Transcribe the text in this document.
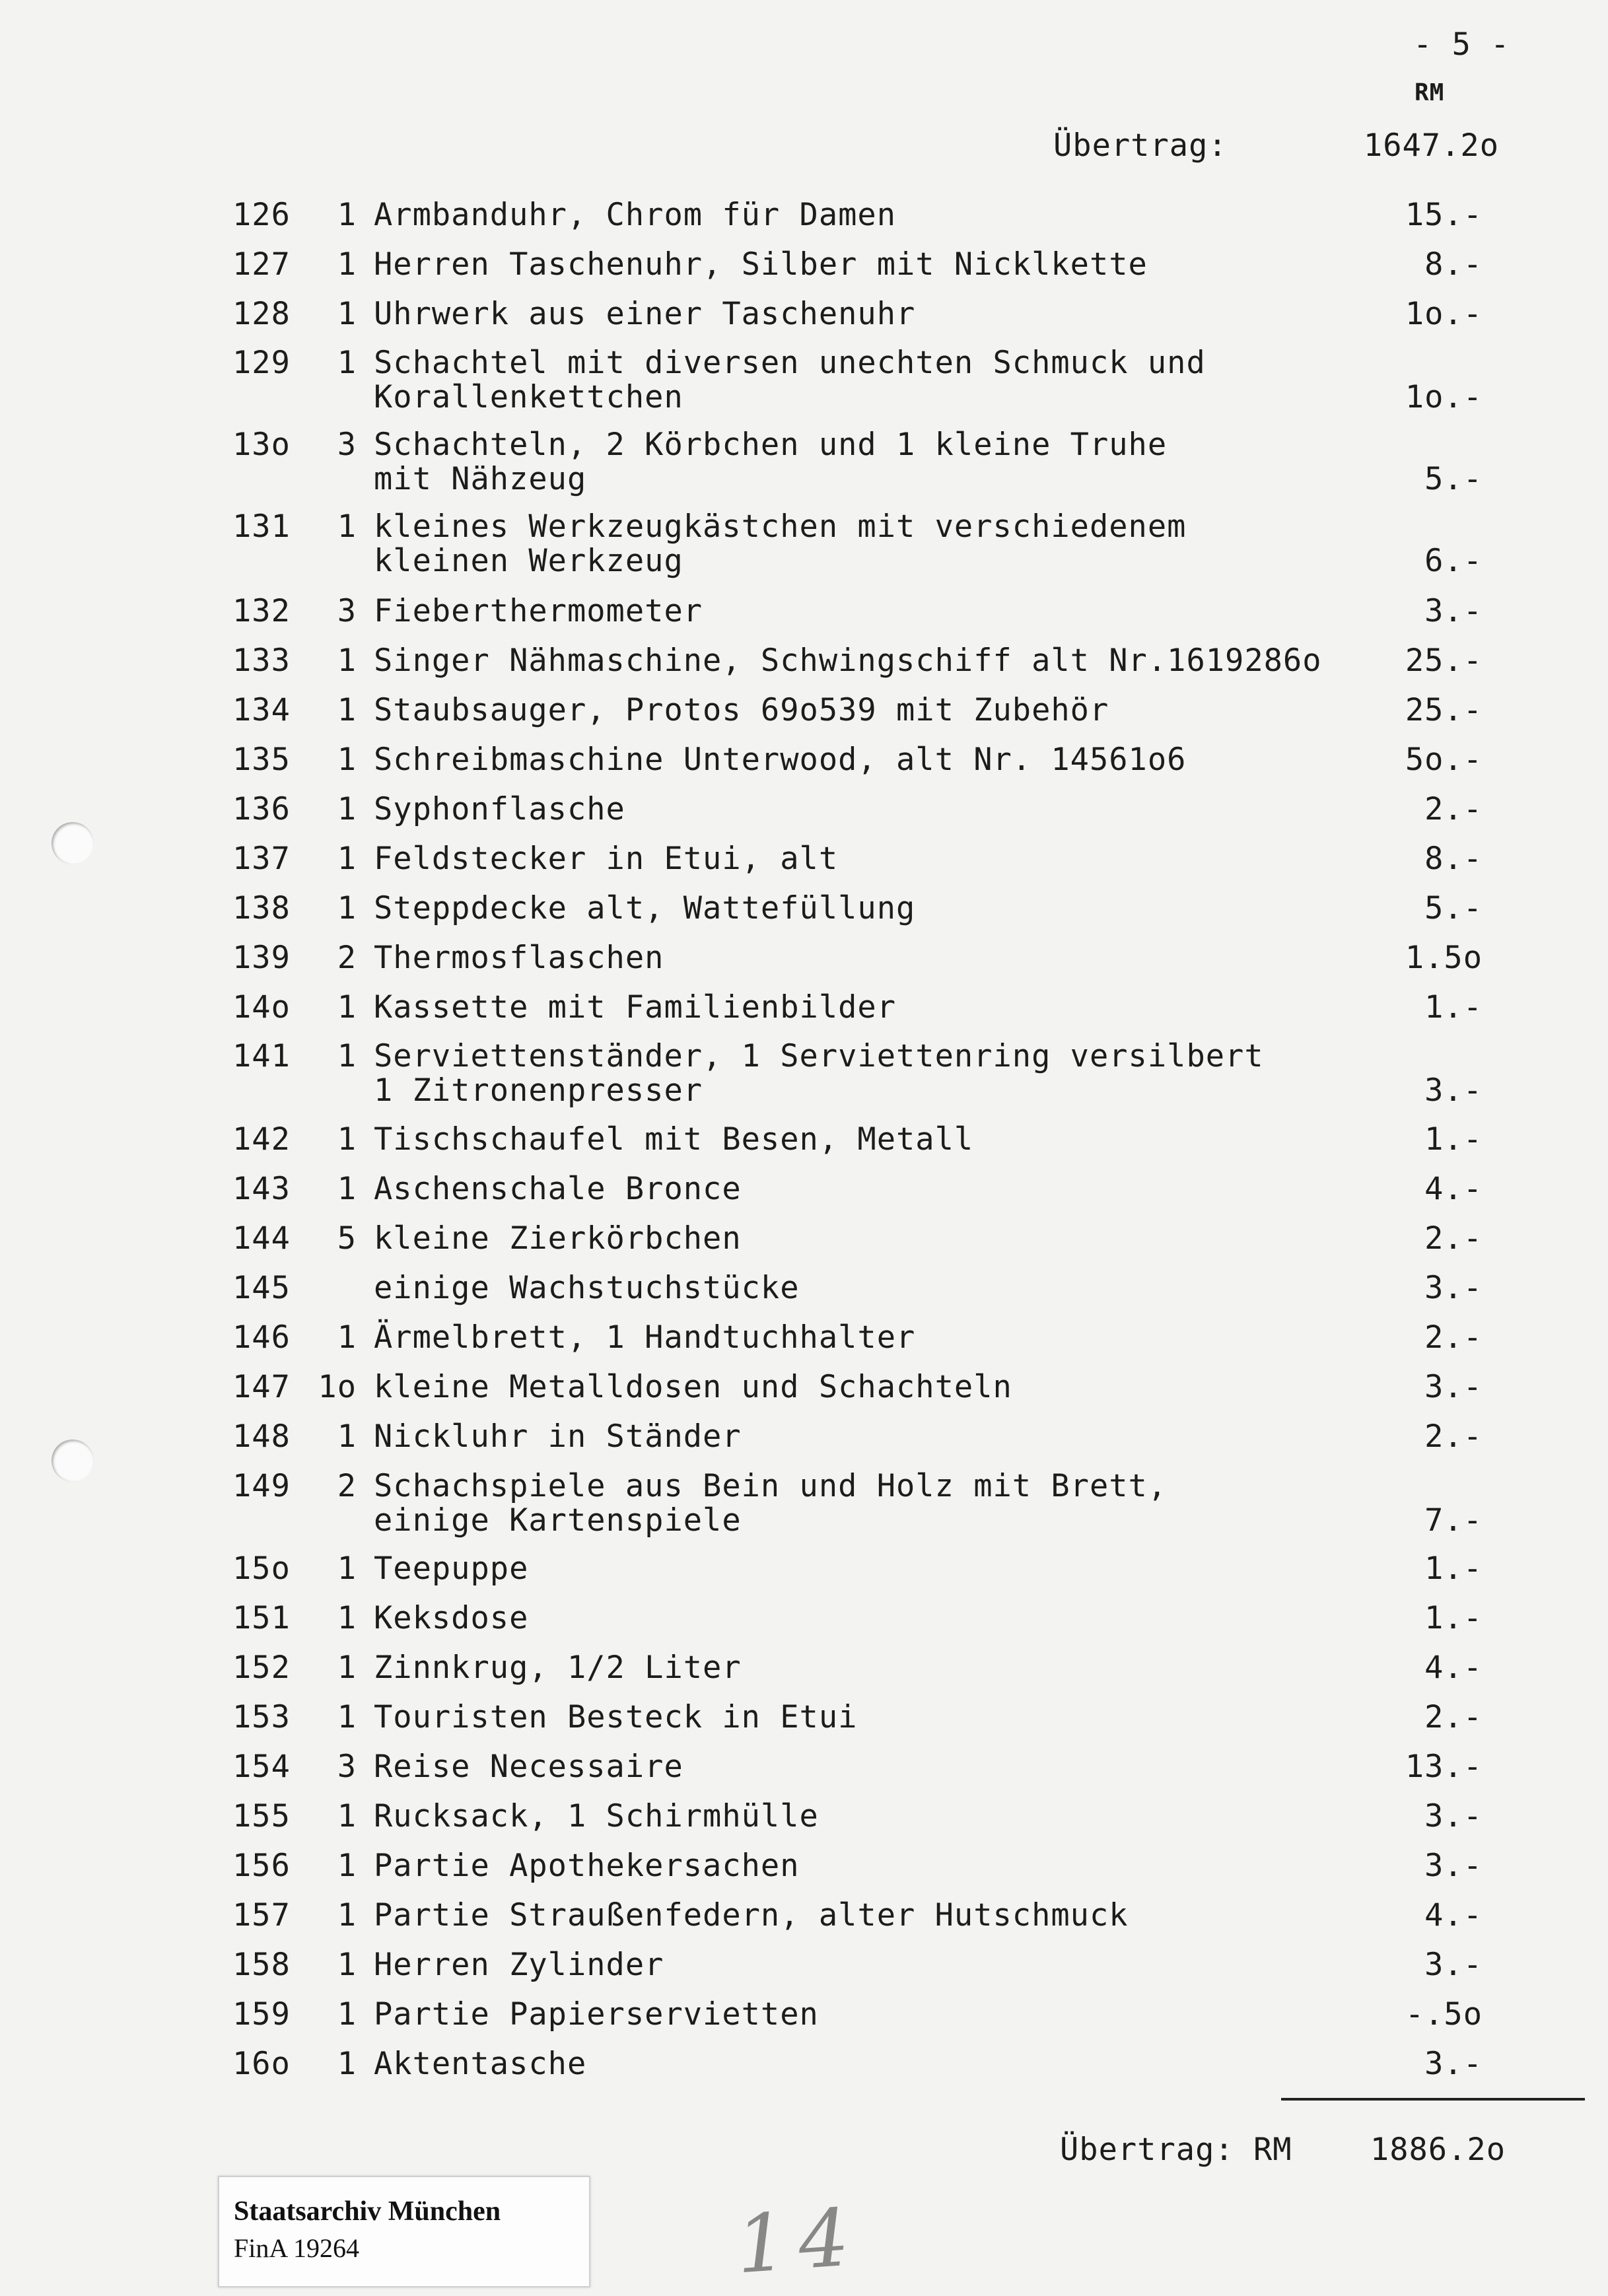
- 5 -
RM
Übertrag:	1647.2o
126	1 Armbanduhr, Chrom für Damen	15.-
127	1 Herren Taschenuhr, Silber mit Nicklkette	8.-
128	1 Uhrwerk aus einer Taschenuhr	1o.-
129	1 Schachtel mit diversen unechten Schmuck und
Korallenkettchen	1o.-
13o	3 Schachteln, 2 Körbchen und 1 kleine Truhe
mit Nähzeug	5.-
131	1 kleines Werkzeugkästchen mit verschiedenem
kleinen Werkzeug	6.-
132	3 Fieberthermometer	3.-
133	1 Singer Nähmaschine, Schwingschiff alt Nr.1619286o	25.-
134	1 Staubsauger, Protos 69o539 mit Zubehör	25.-
135	1 Schreibmaschine Unterwood, alt Nr. 14561o6	5o.-
136	1 Syphonflasche	2.-
137	1 Feldstecker in Etui, alt	8.-
138	1 Steppdecke alt, Wattefüllung	5.-
139	2 Thermosflaschen	1.5o
14o	1 Kassette mit Familienbilder	1.-
141	1 Serviettenständer, 1 Serviettenring versilbert
1 Zitronenpresser	3.-
142	1 Tischschaufel mit Besen, Metall	1.-
143	1 Aschenschale Bronce	4.-
144	5 kleine Zierkörbchen	2.-
145	einige Wachstuchstücke	3.-
146	1 Ärmelbrett, 1 Handtuchhalter	2.-
147 1o kleine Metalldosen und Schachteln	3.-
148	1 Nickluhr in Ständer	2.-
149	2 Schachspiele aus Bein und Holz mit Brett,
einige Kartenspiele	7.-
15o	1 Teepuppe	1.-
151	1 Keksdose	1.-
152	1 Zinnkrug, 1/2 Liter	4.-
153	1 Touristen Besteck in Etui	2.-
154	3 Reise Necessaire	13.-
155	1 Rucksack, 1 Schirmhülle	3.-
156	1 Partie Apothekersachen	3.-
157	1 Partie Straußenfedern, alter Hutschmuck	4.-
158	1 Herren Zylinder	3.-
159	1 Partie Papierservietten	-.5o
16o	1 Aktentasche	3.-
Übertrag: RM	1886.2o
Staatsarchiv München
FinA 19264	14
